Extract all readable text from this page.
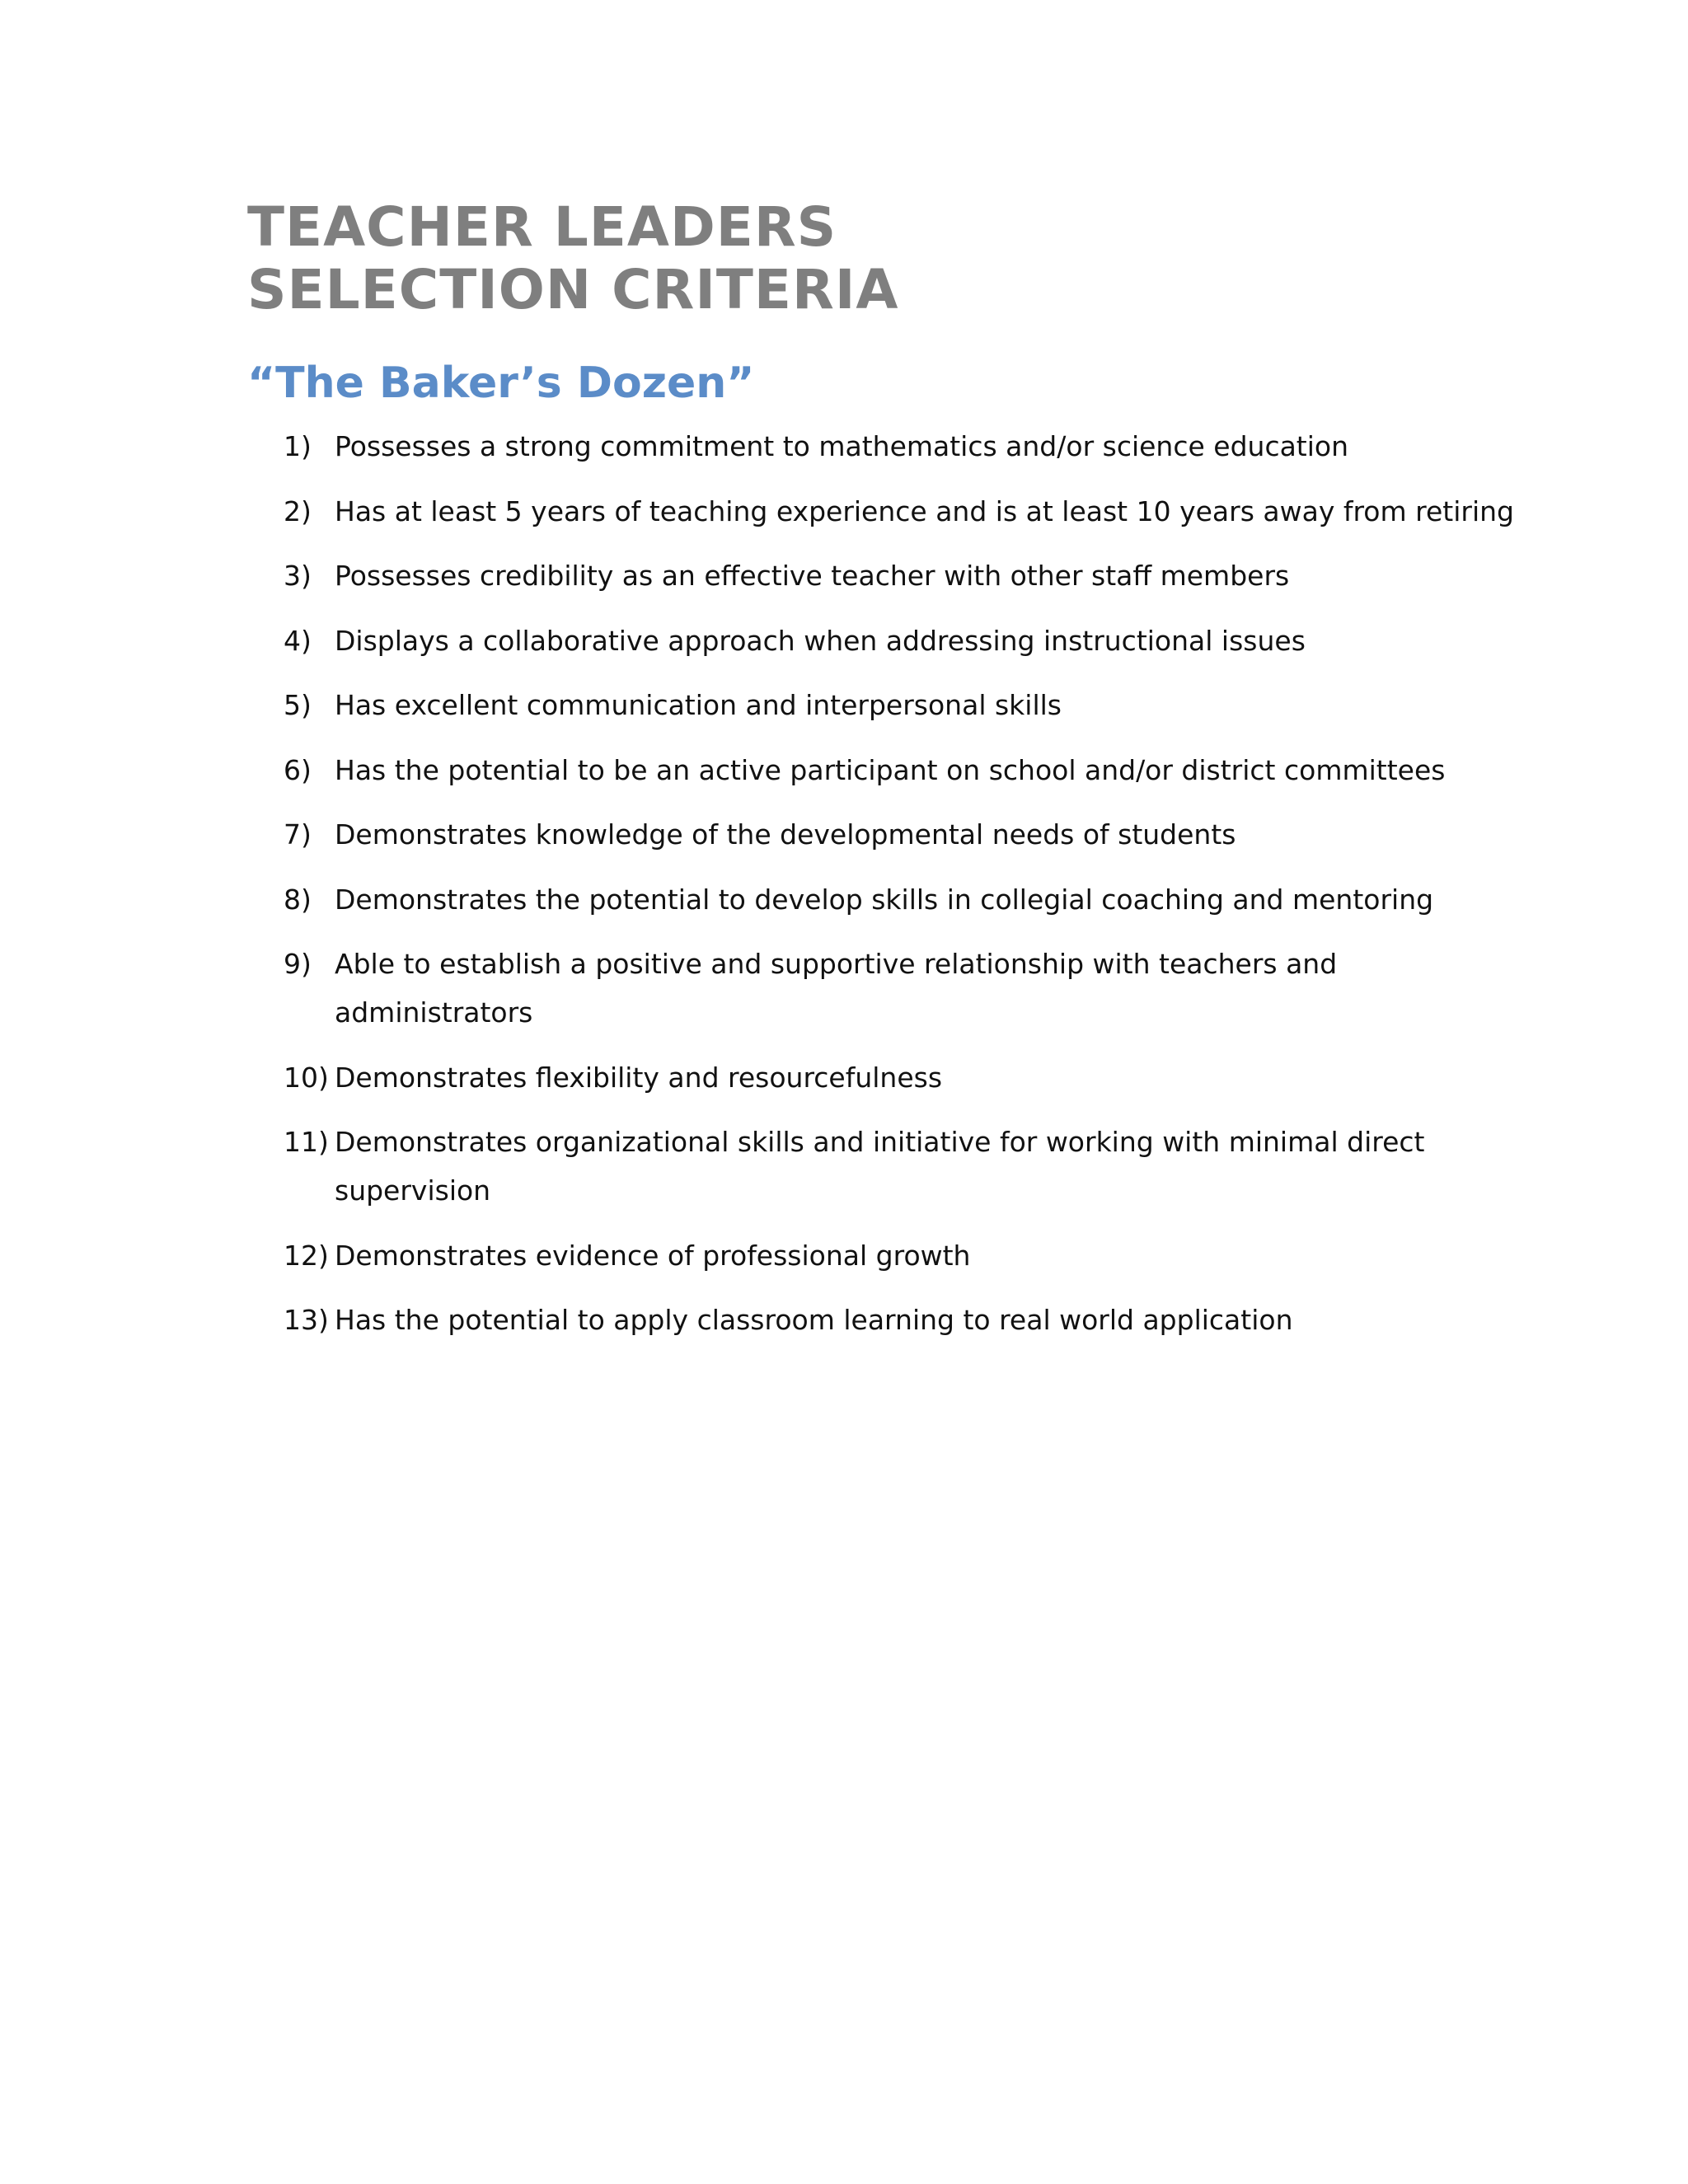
TEACHER LEADERS
SELECTION CRITERIA
“The Baker’s Dozen”
1) Possesses a strong commitment to mathematics and/or science education
2) Has at least 5 years of teaching experience and is at least 10 years away from retiring
3) Possesses credibility as an effective teacher with other staff members
4) Displays a collaborative approach when addressing instructional issues
5) Has excellent communication and interpersonal skills
6) Has the potential to be an active participant on school and/or district committees
7) Demonstrates knowledge of the developmental needs of students
8) Demonstrates the potential to develop skills in collegial coaching and mentoring
9) Able to establish a positive and supportive relationship with teachers and administrators
10) Demonstrates flexibility and resourcefulness
11) Demonstrates organizational skills and initiative for working with minimal direct supervision
12) Demonstrates evidence of professional growth
13) Has the potential to apply classroom learning to real world application
